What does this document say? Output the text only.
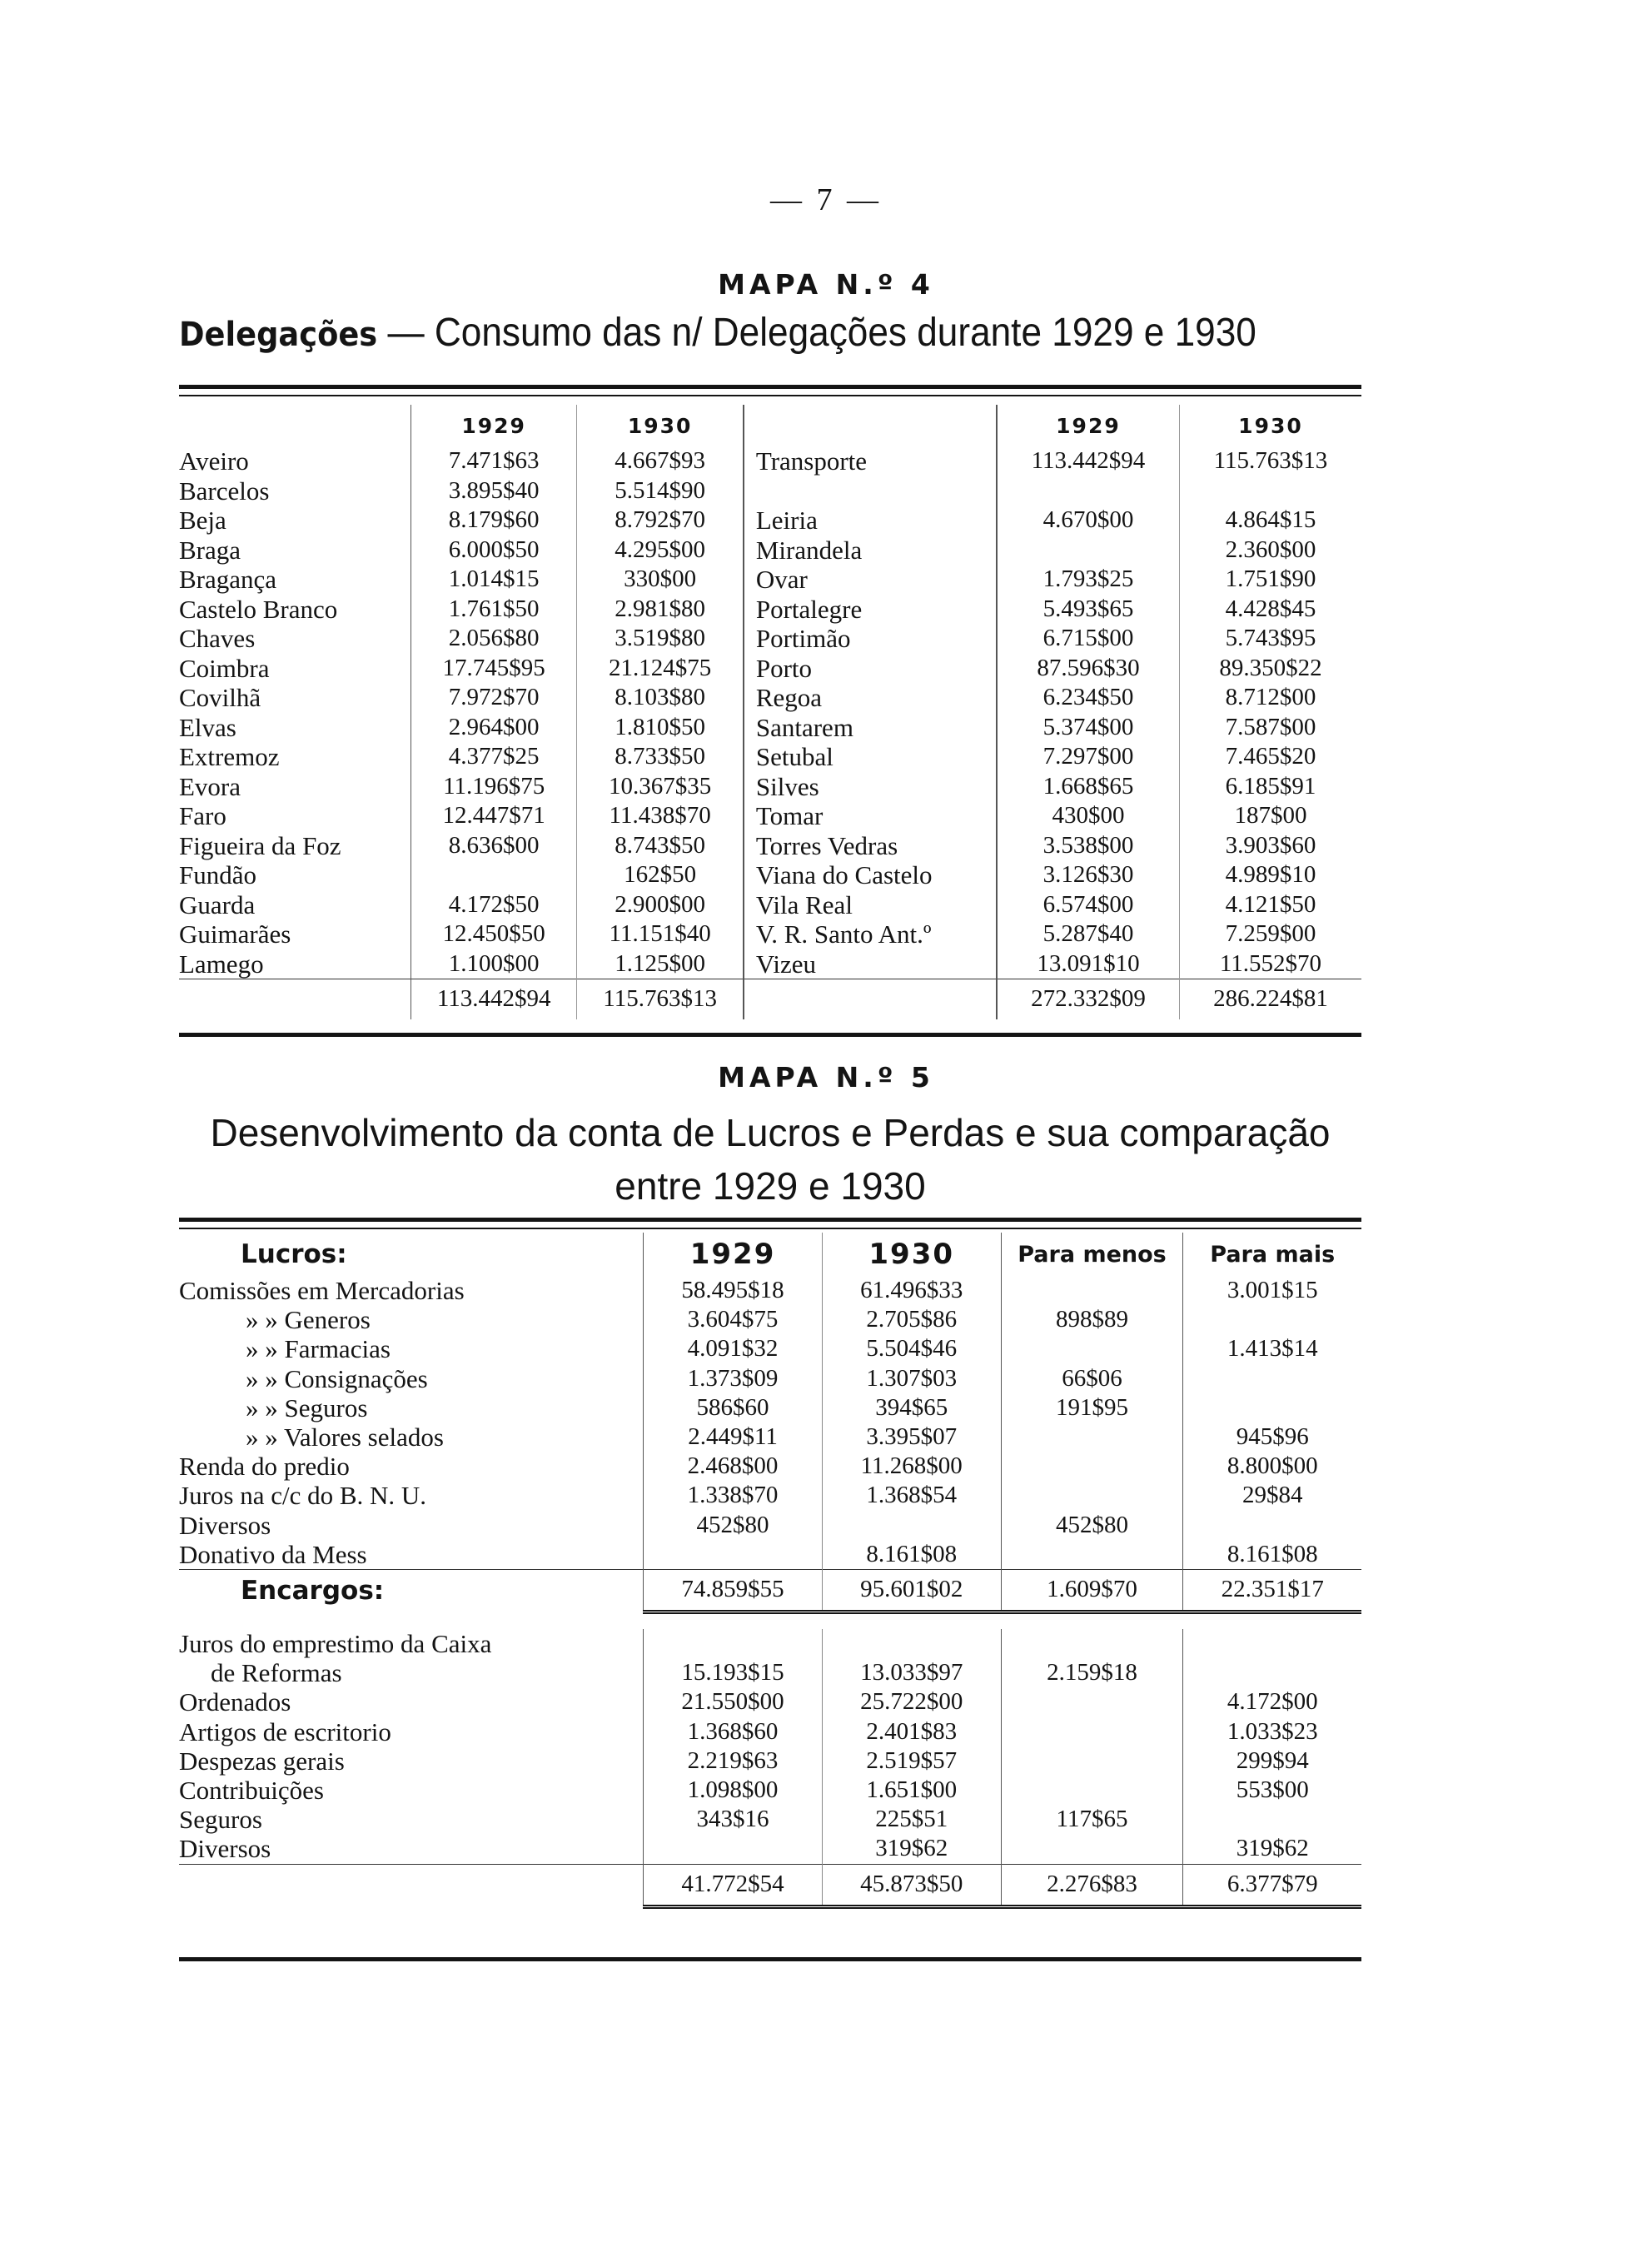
— 7 —
MAPA N.º 4
Delegações — Consumo das n/ Delegações durante 1929 e 1930
	1929	1930		1929	1930
Aveiro	7.471$63	4.667$93	Transporte	113.442$94	115.763$13
Barcelos	3.895$40	5.514$90			
Beja	8.179$60	8.792$70	Leiria	4.670$00	4.864$15
Braga	6.000$50	4.295$00	Mirandela		2.360$00
Bragança	1.014$15	330$00	Ovar	1.793$25	1.751$90
Castelo Branco	1.761$50	2.981$80	Portalegre	5.493$65	4.428$45
Chaves	2.056$80	3.519$80	Portimão	6.715$00	5.743$95
Coimbra	17.745$95	21.124$75	Porto	87.596$30	89.350$22
Covilhã	7.972$70	8.103$80	Regoa	6.234$50	8.712$00
Elvas	2.964$00	1.810$50	Santarem	5.374$00	7.587$00
Extremoz	4.377$25	8.733$50	Setubal	7.297$00	7.465$20
Evora	11.196$75	10.367$35	Silves	1.668$65	6.185$91
Faro	12.447$71	11.438$70	Tomar	430$00	187$00
Figueira da Foz	8.636$00	8.743$50	Torres Vedras	3.538$00	3.903$60
Fundão		162$50	Viana do Castelo	3.126$30	4.989$10
Guarda	4.172$50	2.900$00	Vila Real	6.574$00	4.121$50
Guimarães	12.450$50	11.151$40	V. R. Santo Ant.º	5.287$40	7.259$00
Lamego	1.100$00	1.125$00	Vizeu	13.091$10	11.552$70
	113.442$94	115.763$13		272.332$09	286.224$81
MAPA N.º 5
Desenvolvimento da conta de Lucros e Perdas e sua comparação
entre 1929 e 1930
Lucros:	1929	1930	Para menos	Para mais
Comissões em Mercadorias	58.495$18	61.496$33		3.001$15
» » Generos	3.604$75	2.705$86	898$89	
» » Farmacias	4.091$32	5.504$46		1.413$14
» » Consignações	1.373$09	1.307$03	66$06	
» » Seguros	586$60	394$65	191$95	
» » Valores selados	2.449$11	3.395$07		945$96
Renda do predio	2.468$00	11.268$00		8.800$00
Juros na c/c do B. N. U.	1.338$70	1.368$54		29$84
Diversos	452$80		452$80	
Donativo da Mess		8.161$08		8.161$08
Encargos:	74.859$55	95.601$02	1.609$70	22.351$17

Juros do emprestimo da Caixa				
de Reformas	15.193$15	13.033$97	2.159$18	
Ordenados	21.550$00	25.722$00		4.172$00
Artigos de escritorio	1.368$60	2.401$83		1.033$23
Despezas gerais	2.219$63	2.519$57		299$94
Contribuições	1.098$00	1.651$00		553$00
Seguros	343$16	225$51	117$65	
Diversos		319$62		319$62
	41.772$54	45.873$50	2.276$83	6.377$79
